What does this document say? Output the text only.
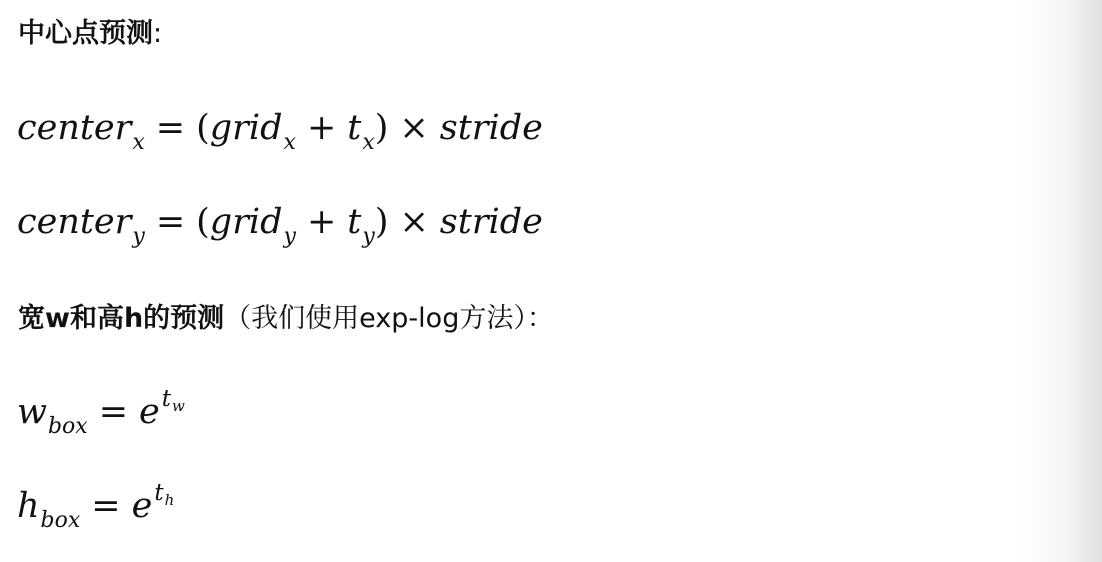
中心点预测:
center$_x$ = (grid$_x$ + $t_x$) × stride
center$_y$ = (grid$_y$ + $t_y$) × stride
宽w和高h的预测（我们使用exp-log方法）：
$w_{box} = e^{tw}$
$h_{box} = e^{th}$
